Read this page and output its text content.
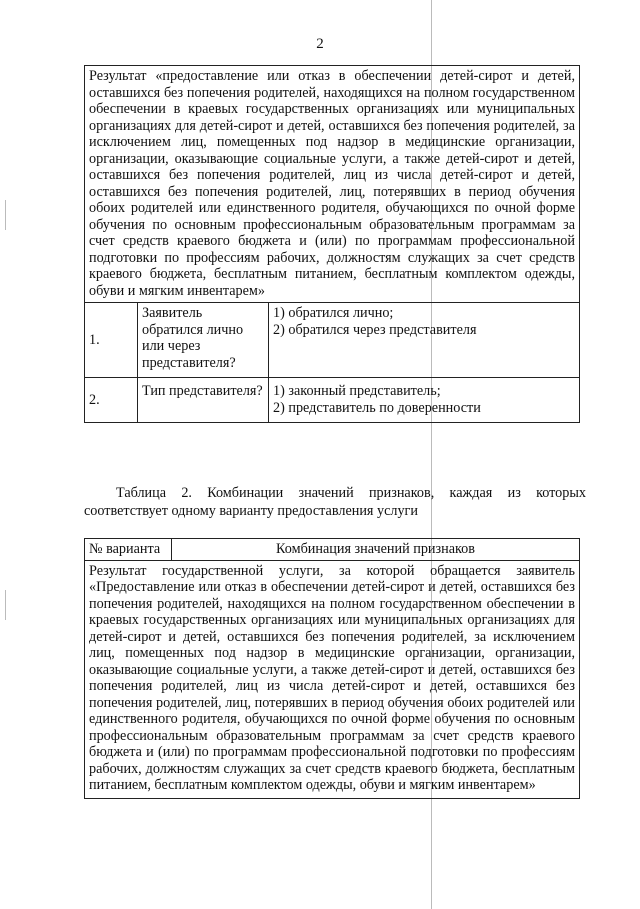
2
Результат «предоставление или отказ в обеспечении детей-сирот и детей, оставшихся без попечения родителей, находящихся на полном государственном обеспечении в краевых государственных организациях или муниципальных организациях для детей-сирот и детей, оставшихся без попечения родителей, за исключением лиц, помещенных под надзор в медицинские организации, организации, оказывающие социальные услуги, а также детей-сирот и детей, оставшихся без попечения родителей, лиц из числа детей-сирот и детей, оставшихся без попечения родителей, лиц, потерявших в период обучения обоих родителей или единственного родителя, обучающихся по очной форме обучения по основным профессиональным образовательным программам за счет средств краевого бюджета и (или) по программам профессиональной подготовки по профессиям рабочих, должностям служащих за счет средств краевого бюджета, бесплатным питанием, бесплатным комплектом одежды, обуви и мягким инвентарем»		
1.	Заявитель обратился лично или через представителя?	1) обратился лично;
2) обратился через представителя

2.	Тип представителя?	1) законный представитель;
2) представитель по доверенности
Таблица 2. Комбинации значений признаков, каждая из которых соответствует одному варианту предоставления услуги
№ варианта	Комбинация значений признаков
Результат государственной услуги, за которой обращается заявитель «Предоставление или отказ в обеспечении детей-сирот и детей, оставшихся без попечения родителей, находящихся на полном государственном обеспечении в краевых государственных организациях или муниципальных организациях для детей-сирот и детей, оставшихся без попечения родителей, за исключением лиц, помещенных под надзор в медицинские организации, организации, оказывающие социальные услуги, а также детей-сирот и детей, оставшихся без попечения родителей, лиц из числа детей-сирот и детей, оставшихся без попечения родителей, лиц, потерявших в период обучения обоих родителей или единственного родителя, обучающихся по очной форме обучения по основным профессиональным образовательным программам за счет средств краевого бюджета и (или) по программам профессиональной подготовки по профессиям рабочих, должностям служащих за счет средств краевого бюджета, бесплатным питанием, бесплатным комплектом одежды, обуви и мягким инвентарем»
